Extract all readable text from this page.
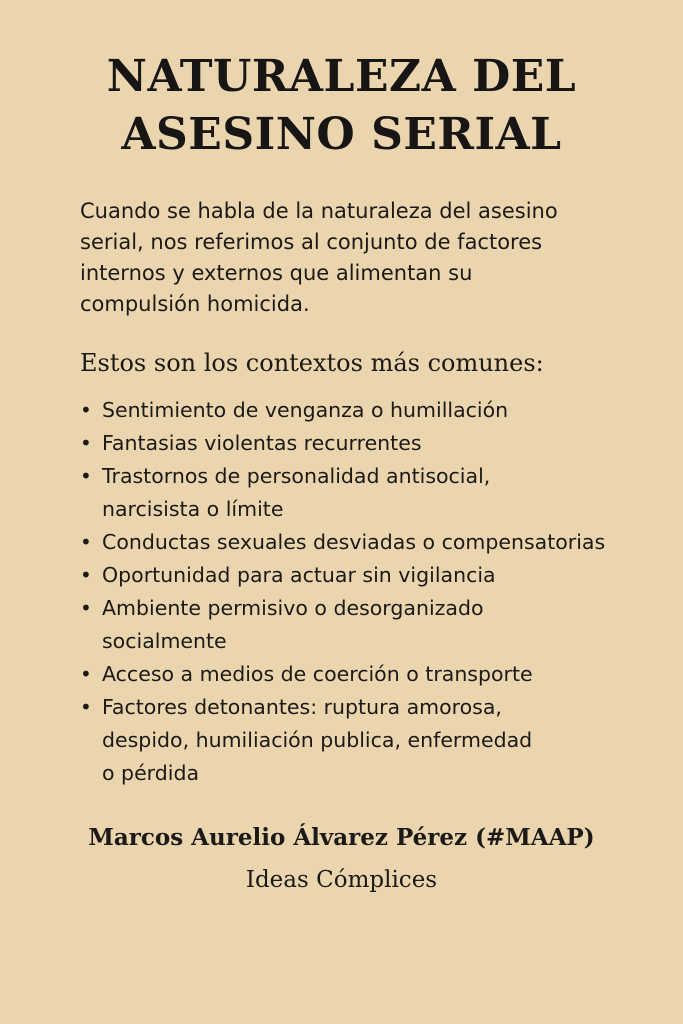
NATURALEZA DEL
ASESINO SERIAL

Cuando se habla de la naturaleza del asesino
serial, nos referimos al conjunto de factores
internos y externos que alimentan su
compulsión homicida.

Estos son los contextos más comunes:
• Sentimiento de venganza o humillación
• Fantasias violentas recurrentes
• Trastornos de personalidad antisocial,
narcisista o límite
• Conductas sexuales desviadas o compensatorias
• Oportunidad para actuar sin vigilancia
• Ambiente permisivo o desorganizado
socialmente
• Acceso a medios de coerción o transporte
• Factores detonantes: ruptura amorosa,
despido, humiliación publica, enfermedad
o pérdida
Marcos Aurelio Álvarez Pérez (#MAAP)
Ideas Cómplices
